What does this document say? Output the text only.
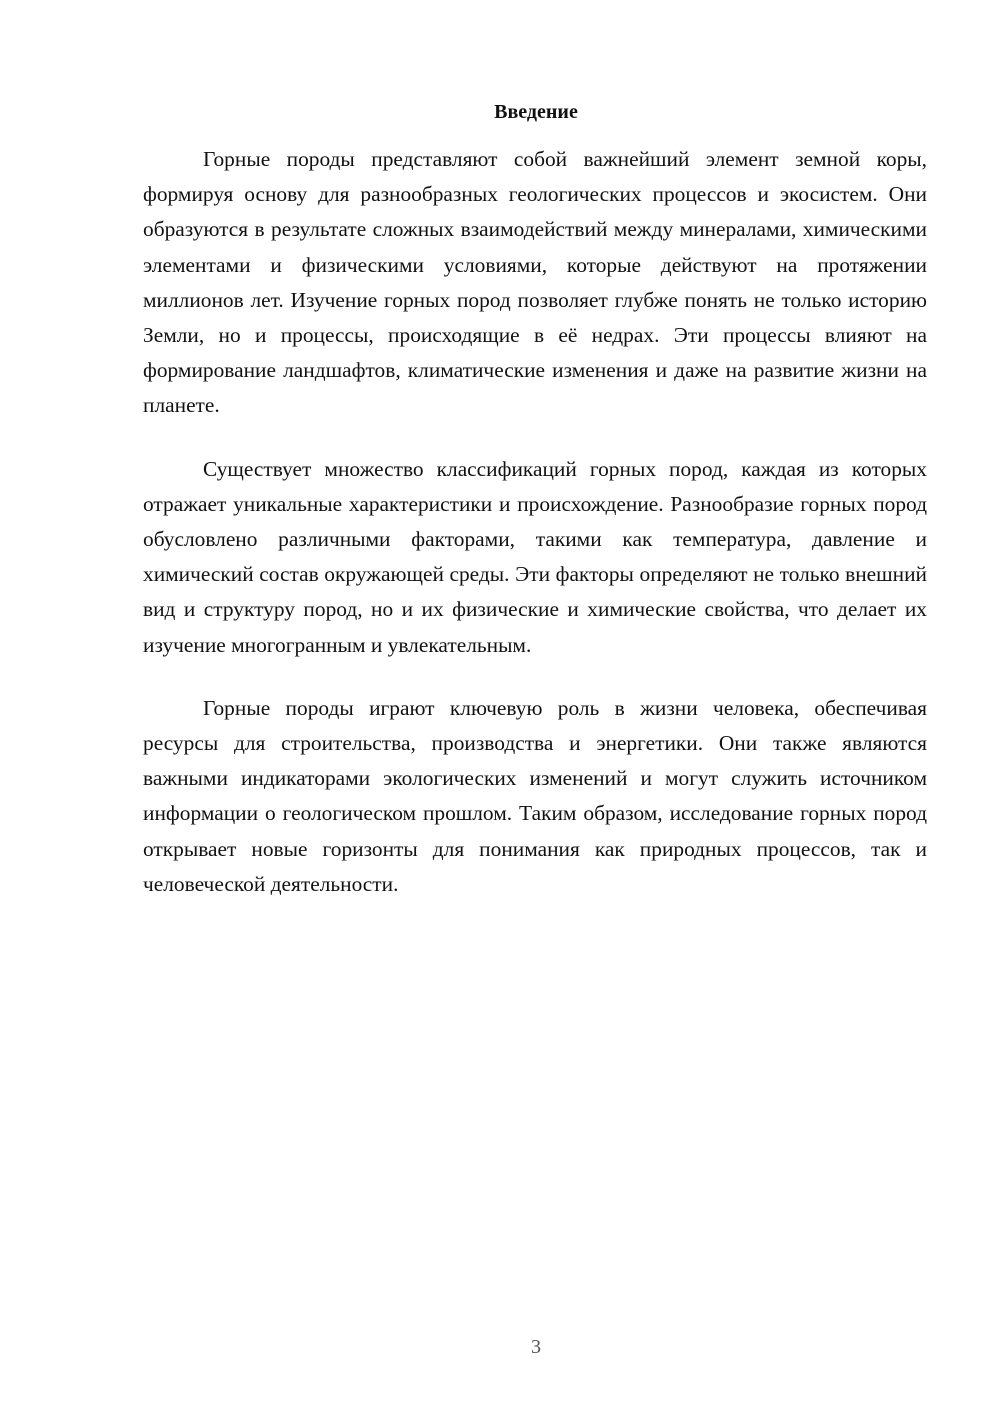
Введение

Горные породы представляют собой важнейший элемент земной коры, формируя основу для разнообразных геологических процессов и экосистем. Они образуются в результате сложных взаимодействий между минералами, химическими элементами и физическими условиями, которые действуют на протяжении миллионов лет. Изучение горных пород позволяет глубже понять не только историю Земли, но и процессы, происходящие в её недрах. Эти процессы влияют на формирование ландшафтов, климатические изменения и даже на развитие жизни на планете.

Существует множество классификаций горных пород, каждая из которых отражает уникальные характеристики и происхождение. Разнообразие горных пород обусловлено различными факторами, такими как температура, давление и химический состав окружающей среды. Эти факторы определяют не только внешний вид и структуру пород, но и их физические и химические свойства, что делает их изучение многогранным и увлекательным.

Горные породы играют ключевую роль в жизни человека, обеспечивая ресурсы для строительства, производства и энергетики. Они также являются важными индикаторами экологических изменений и могут служить источником информации о геологическом прошлом. Таким образом, исследование горных пород открывает новые горизонты для понимания как природных процессов, так и человеческой деятельности.

3
